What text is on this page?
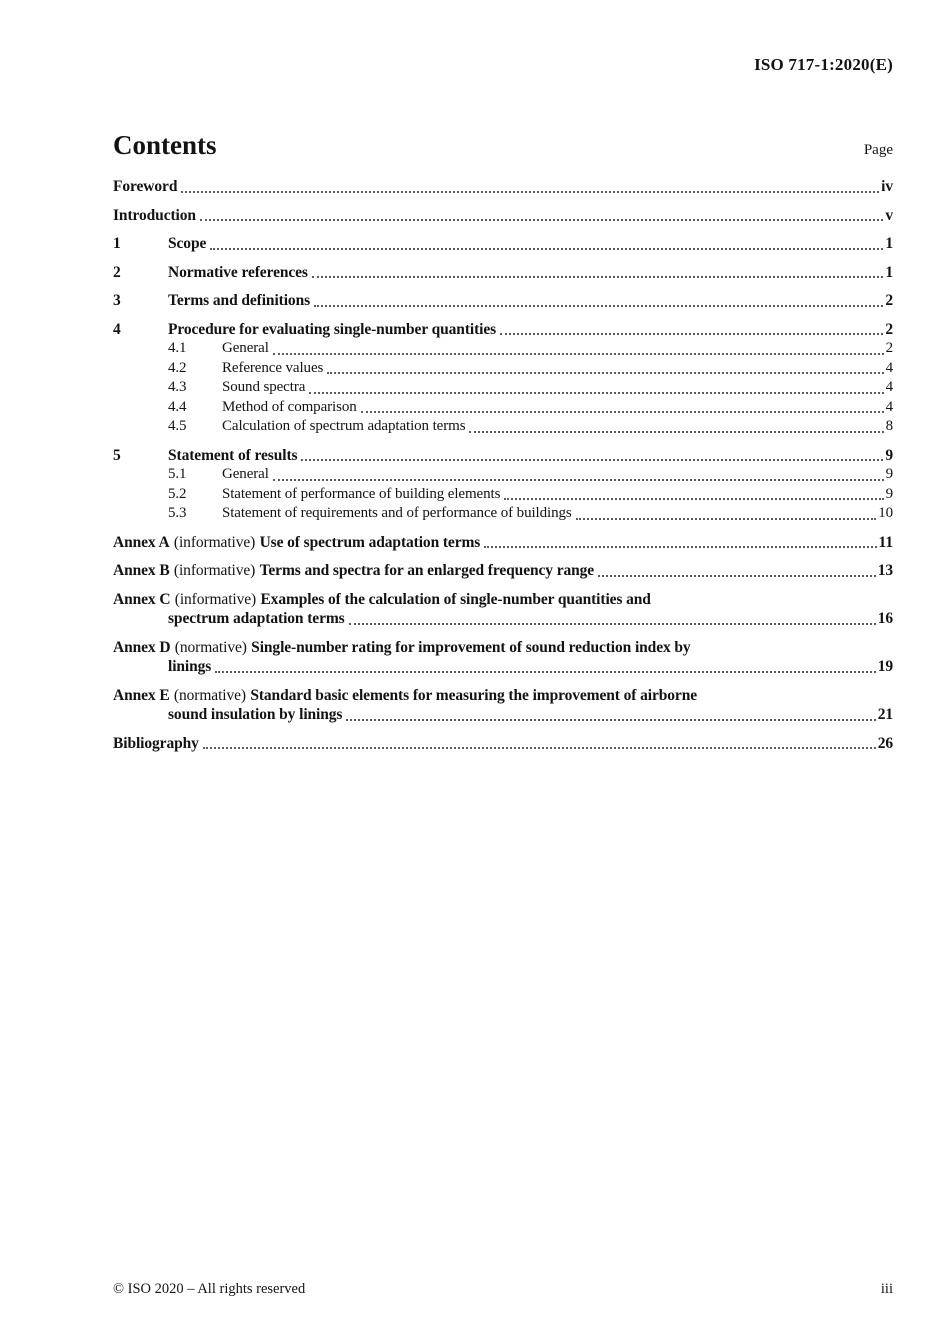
ISO 717-1:2020(E)
Contents	Page
Foreword	iv
Introduction	v
1	Scope	1
2	Normative references	1
3	Terms and definitions	2
4	Procedure for evaluating single-number quantities	2
4.1	General	2
4.2	Reference values	4
4.3	Sound spectra	4
4.4	Method of comparison	4
4.5	Calculation of spectrum adaptation terms	8
5	Statement of results	9
5.1	General	9
5.2	Statement of performance of building elements	9
5.3	Statement of requirements and of performance of buildings	10
Annex A (informative) Use of spectrum adaptation terms	11
Annex B (informative) Terms and spectra for an enlarged frequency range	13
Annex C (informative) Examples of the calculation of single-number quantities and
spectrum adaptation terms	16
Annex D (normative) Single-number rating for improvement of sound reduction index by
linings	19
Annex E (normative) Standard basic elements for measuring the improvement of airborne
sound insulation by linings	21
Bibliography	26
© ISO 2020 – All rights reserved	iii
